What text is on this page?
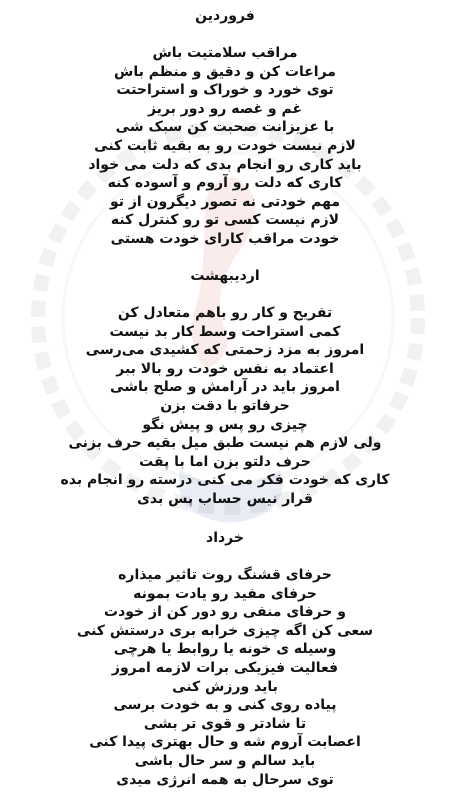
فروردین
مراقب سلامتیت باش
مراعات کن و دقیق و منظم باش
توی خورد و خوراک و استراحتت
غم و غصه رو دور بریز
با عزیزانت صحبت کن سبک شی
لازم نیست خودت رو به بقیه ثابت کنی
باید کاری رو انجام بدی که دلت می خواد
کاری که دلت رو آروم و آسوده کنه
مهم خودتی نه تصور دیگرون از تو
لازم نیست کسی تو رو کنترل کنه
خودت مراقب کارای خودت هستی
اردیبهشت
تفریح و کار رو باهم متعادل کن
کمی استراحت وسط کار بد نیست
امروز به مزد زحمتی که کشیدی می‌رسی
اعتماد به نفس خودت رو بالا ببر
امروز باید در آرامش و صلح باشی
حرفاتو با دقت بزن
چیزی رو پس و پیش نگو
ولی لازم هم نیست طبق میل بقیه حرف بزنی
حرف دلتو بزن اما با پقت
کاری که خودت فکر می کنی درسته رو انجام بده
قرار نیس حساب پس بدی
خرداد
حرفای قشنگ روت تاثیر میذاره
حرفای مفید رو یادت بمونه
و حرفای منفی رو دور کن از خودت
سعی کن اگه چیزی خرابه بری درستش کنی
وسیله ی خونه یا روابط یا هرچی
فعالیت فیزیکی برات لازمه امروز
باید ورزش کنی
پیاده روی کنی و به خودت برسی
تا شادتر و قوی تر بشی
اعصابت آروم شه و حال بهتری پیدا کنی
باید سالم و سر حال باشی
توی سرحال به همه انرژی میدی
